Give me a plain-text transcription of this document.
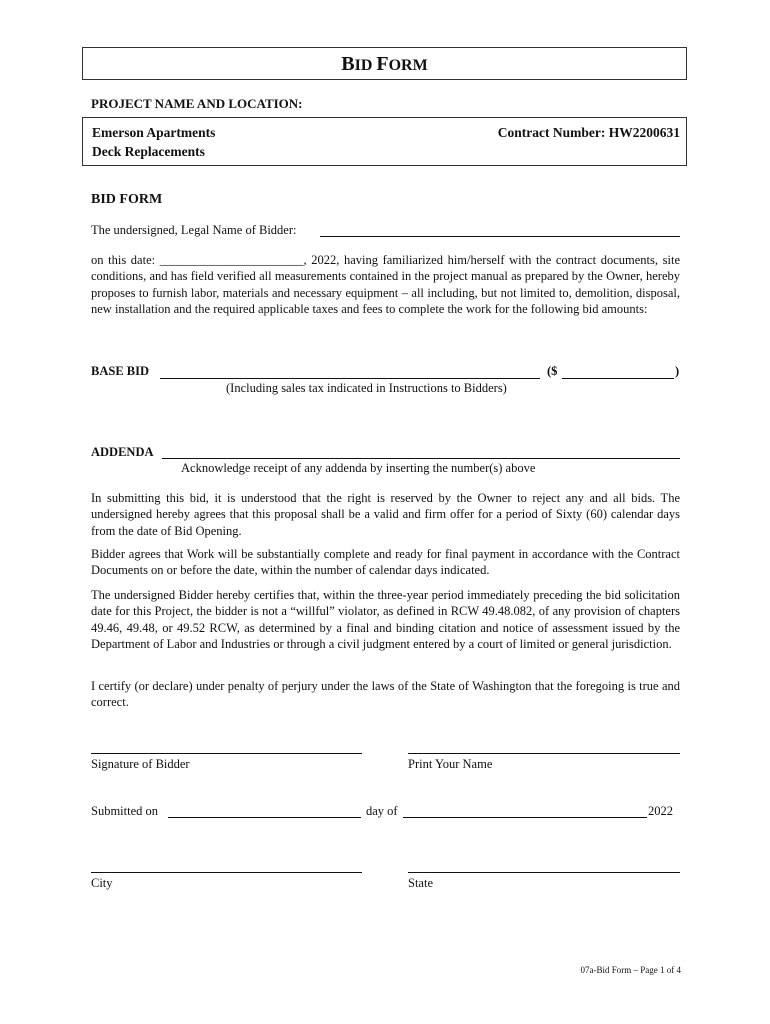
BID FORM
PROJECT NAME AND LOCATION:
Emerson Apartments
Deck Replacements
Contract Number: HW2200631
BID FORM
The undersigned, Legal Name of Bidder:
on this date: _______________________, 2022, having familiarized him/herself with the contract documents, site conditions, and has field verified all measurements contained in the project manual as prepared by the Owner, hereby proposes to furnish labor, materials and necessary equipment – all including, but not limited to, demolition, disposal, new installation and the required applicable taxes and fees to complete the work for the following bid amounts:
BASE BID	($	)
(Including sales tax indicated in Instructions to Bidders)
ADDENDA
Acknowledge receipt of any addenda by inserting the number(s) above
In submitting this bid, it is understood that the right is reserved by the Owner to reject any and all bids. The undersigned hereby agrees that this proposal shall be a valid and firm offer for a period of Sixty (60) calendar days from the date of Bid Opening.
Bidder agrees that Work will be substantially complete and ready for final payment in accordance with the Contract Documents on or before the date, within the number of calendar days indicated.
The undersigned Bidder hereby certifies that, within the three-year period immediately preceding the bid solicitation date for this Project, the bidder is not a “willful” violator, as defined in RCW 49.48.082, of any provision of chapters 49.46, 49.48, or 49.52 RCW, as determined by a final and binding citation and notice of assessment issued by the Department of Labor and Industries or through a civil judgment entered by a court of limited or general jurisdiction.
I certify (or declare) under penalty of perjury under the laws of the State of Washington that the foregoing is true and correct.
Signature of Bidder	Print Your Name
Submitted on	day of	2022
City	State
07a-Bid Form – Page 1 of 4
